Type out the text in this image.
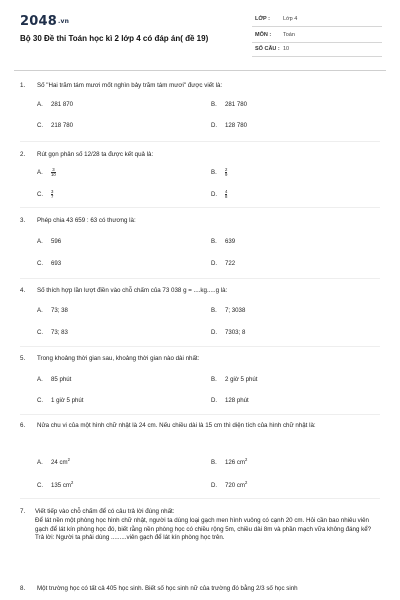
2048.vn
Bộ 30 Đề thi Toán học kì 2 lớp 4 có đáp án( đề 19)
LỚP : Lớp 4
MÔN : Toán
SỐ CÂU : 10
1. Số "Hai trăm tám mươi mốt nghìn bảy trăm tám mươi" được viết là:
A. 281 870	B. 281 780
C. 218 780	D. 128 780
2. Rút gọn phân số 12/28 ta được kết quả là:
A. $\frac{3}{10}$	B. $\frac{2}{9}$
C. $\frac{3}{7}$	D. $\frac{4}{8}$
3. Phép chia 43 659 : 63 có thương là:
A. 596	B. 639
C. 693	D. 722
4. Số thích hợp lần lượt điền vào chỗ chấm của 73 038 g = ....kg.....g là:
A. 73; 38	B. 7; 3038
C. 73; 83	D. 7303; 8
5. Trong khoảng thời gian sau, khoảng thời gian nào dài nhất:
A. 85 phút	B. 2 giờ 5 phút
C. 1 giờ 5 phút	D. 128 phút
6. Nửa chu vi của một hình chữ nhật là 24 cm. Nếu chiều dài là 15 cm thì diện tích của hình chữ nhật là:
A. 24 $cm^2$	B. 126 $cm^2$
C. 135 $cm^2$	D. 720 $cm^2$
7. Viết tiếp vào chỗ chấm để có câu trả lời đúng nhất:
Để lát nền một phòng học hình chữ nhật, người ta dùng loại gạch men hình vuông có cạnh 20 cm. Hỏi cần bao nhiêu viên gạch để lát kín phòng học đó, biết rằng nền phòng học có chiều rộng 5m, chiều dài 8m và phần mạch vữa không đáng kể?
Trả lời: Người ta phải dùng .........viên gạch để lát kín phòng học trên.
8. Một trường học có tất cả 405 học sinh. Biết số học sinh nữ của trường đó bằng 2/3 số học sinh
